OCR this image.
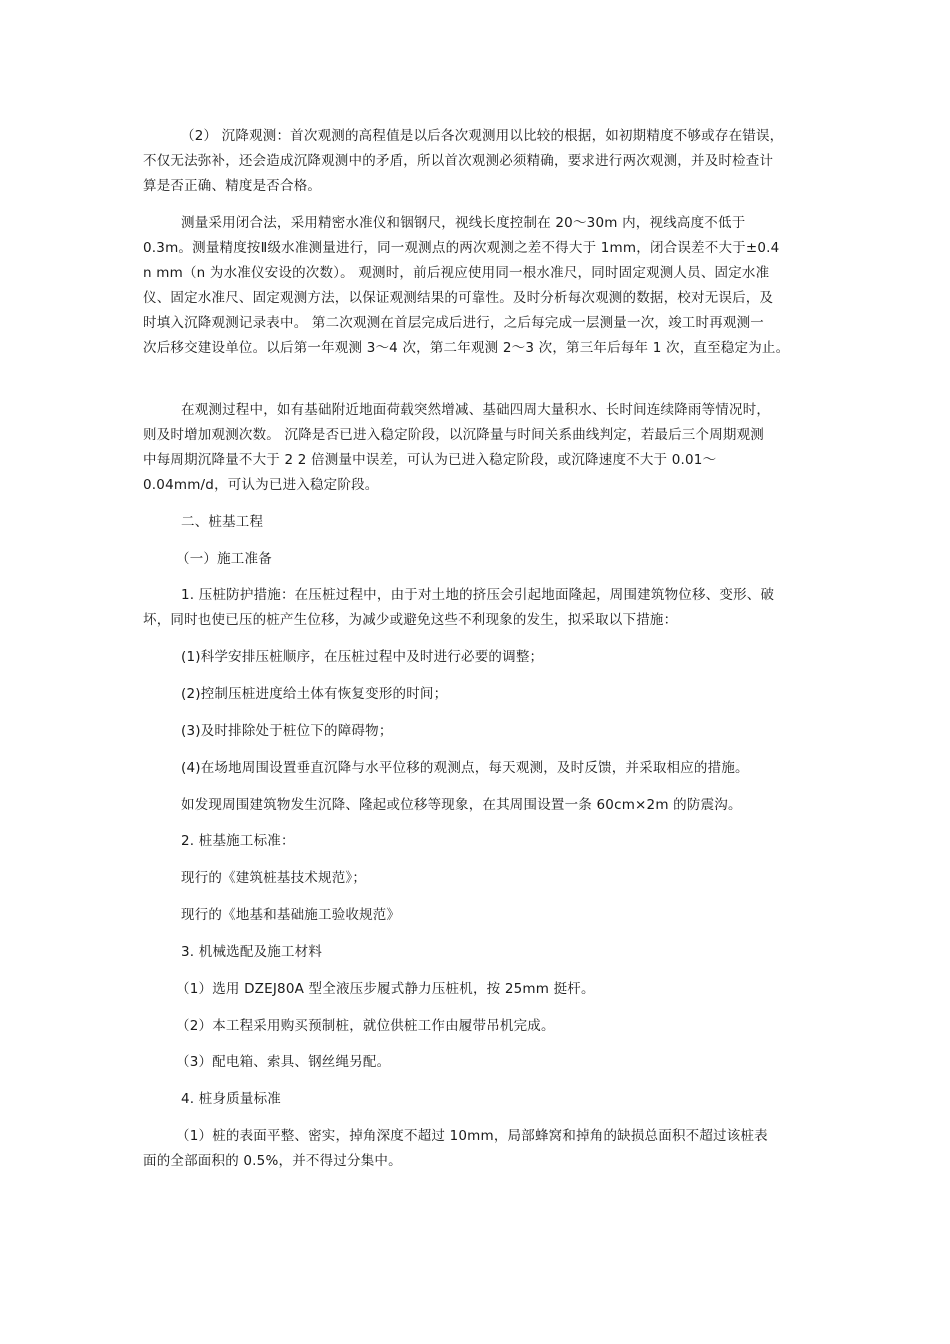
（2） 沉降观测：首次观测的高程值是以后各次观测用以比较的根据，如初期精度不够或存在错误，
不仅无法弥补，还会造成沉降观测中的矛盾，所以首次观测必须精确，要求进行两次观测，并及时检查计
算是否正确、精度是否合格。
测量采用闭合法，采用精密水准仪和铟钢尺，视线长度控制在 20～30m 内，视线高度不低于
0.3m。测量精度按Ⅱ级水准测量进行，同一观测点的两次观测之差不得大于 1mm，闭合误差不大于±0.4
n mm（n 为水准仪安设的次数）。 观测时，前后视应使用同一根水准尺，同时固定观测人员、固定水准
仪、固定水准尺、固定观测方法，以保证观测结果的可靠性。及时分析每次观测的数据，校对无误后，及
时填入沉降观测记录表中。 第二次观测在首层完成后进行，之后每完成一层测量一次，竣工时再观测一
次后移交建设单位。以后第一年观测 3～4 次，第二年观测 2～3 次，第三年后每年 1 次，直至稳定为止。
在观测过程中，如有基础附近地面荷载突然增减、基础四周大量积水、长时间连续降雨等情况时，
则及时增加观测次数。 沉降是否已进入稳定阶段，以沉降量与时间关系曲线判定，若最后三个周期观测
中每周期沉降量不大于 2 2 倍测量中误差，可认为已进入稳定阶段，或沉降速度不大于 0.01～
0.04mm/d，可认为已进入稳定阶段。
二、桩基工程
（一）施工准备
1. 压桩防护措施：在压桩过程中，由于对土地的挤压会引起地面隆起，周围建筑物位移、变形、破
坏，同时也使已压的桩产生位移，为减少或避免这些不利现象的发生，拟采取以下措施：
(1)科学安排压桩顺序，在压桩过程中及时进行必要的调整；
(2)控制压桩进度给土体有恢复变形的时间；
(3)及时排除处于桩位下的障碍物；
(4)在场地周围设置垂直沉降与水平位移的观测点，每天观测，及时反馈，并采取相应的措施。
如发现周围建筑物发生沉降、隆起或位移等现象，在其周围设置一条 60cm×2m 的防震沟。
2. 桩基施工标准：
现行的《建筑桩基技术规范》；
现行的《地基和基础施工验收规范》
3. 机械选配及施工材料
（1）选用 DZEJ80A 型全液压步履式静力压桩机，按 25mm 挺杆。
（2）本工程采用购买预制桩，就位供桩工作由履带吊机完成。
（3）配电箱、索具、钢丝绳另配。
4. 桩身质量标准
（1）桩的表面平整、密实，掉角深度不超过 10mm，局部蜂窝和掉角的缺损总面积不超过该桩表
面的全部面积的 0.5%，并不得过分集中。
